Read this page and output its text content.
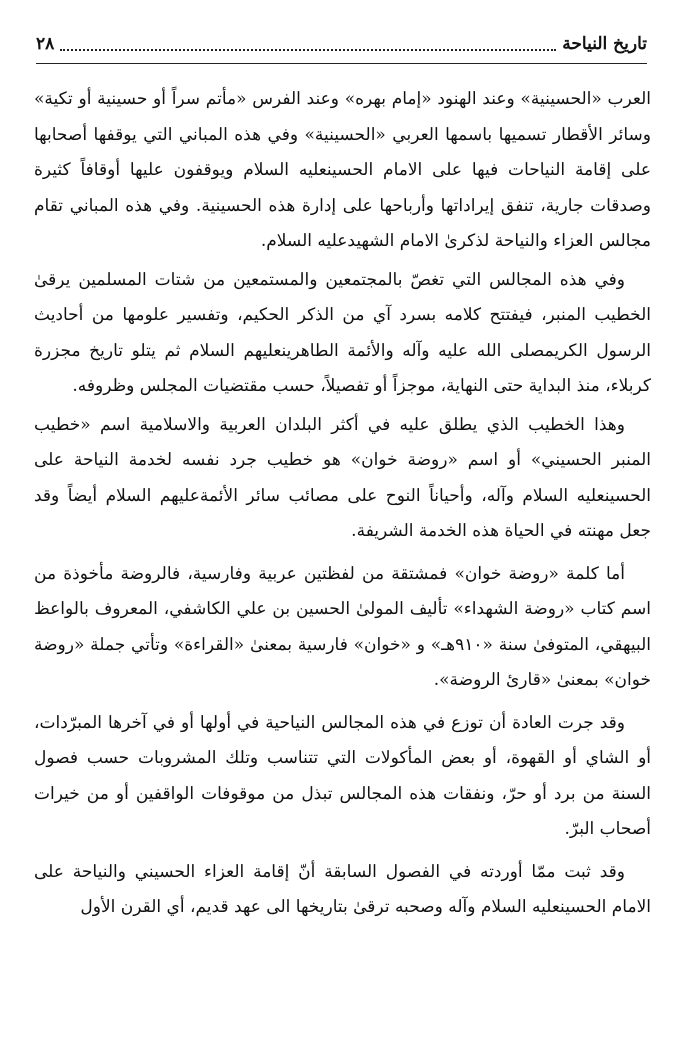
٢٨	تاريخ النياحة

العرب «الحسينية» وعند الهنود «إمام بهره» وعند الفرس «مأتم سراً أو حسينية أو تكية» وسائر الأقطار تسميها باسمها العربي «الحسينية» وفي هذه المباني التي يوقفها أصحابها على إقامة النياحات فيها على الامام الحسينعليه السلام ويوقفون عليها أوقافاً كثيرة وصدقات جارية، تنفق إيراداتها وأرباحها على إدارة هذه الحسينية. وفي هذه المباني تقام مجالس العزاء والنياحة لذكرىٰ الامام الشهيدعليه السلام.

وفي هذه المجالس التي تغصّ بالمجتمعين والمستمعين من شتات المسلمين يرقىٰ الخطيب المنبر، فيفتتح كلامه بسرد آي من الذكر الحكيم، وتفسير علومها من أحاديث الرسول الكريمصلى الله عليه وآله والأئمة الطاهرينعليهم السلام ثم يتلو تاريخ مجزرة كربلاء، منذ البداية حتى النهاية، موجزاً أو تفصيلاً، حسب مقتضيات المجلس وظروفه.

وهذا الخطيب الذي يطلق عليه في أكثر البلدان العربية والاسلامية اسم «خطيب المنبر الحسيني» أو اسم «روضة خوان» هو خطيب جرد نفسه لخدمة النياحة على الحسينعليه السلام وآله، وأحياناً النوح على مصائب سائر الأئمةعليهم السلام أيضاً وقد جعل مهنته في الحياة هذه الخدمة الشريفة.

أما كلمة «روضة خوان» فمشتقة من لفظتين عربية وفارسية، فالروضة مأخوذة من اسم كتاب «روضة الشهداء» تأليف المولىٰ الحسين بن علي الكاشفي، المعروف بالواعظ البيهقي، المتوفىٰ سنة «٩١٠هـ» و «خوان» فارسية بمعنىٰ «القراءة» وتأتي جملة «روضة خوان» بمعنىٰ «قارئ الروضة».

وقد جرت العادة أن توزع في هذه المجالس النياحية في أولها أو في آخرها المبرّدات، أو الشاي أو القهوة، أو بعض المأكولات التي تتناسب وتلك المشروبات حسب فصول السنة من برد أو حرّ، ونفقات هذه المجالس تبذل من موقوفات الواقفين أو من خيرات أصحاب البرّ.

وقد ثبت ممّا أوردته في الفصول السابقة أنّ إقامة العزاء الحسيني والنياحة على الامام الحسينعليه السلام وآله وصحبه ترقىٰ بتاريخها الى عهد قديم، أي القرن الأول
